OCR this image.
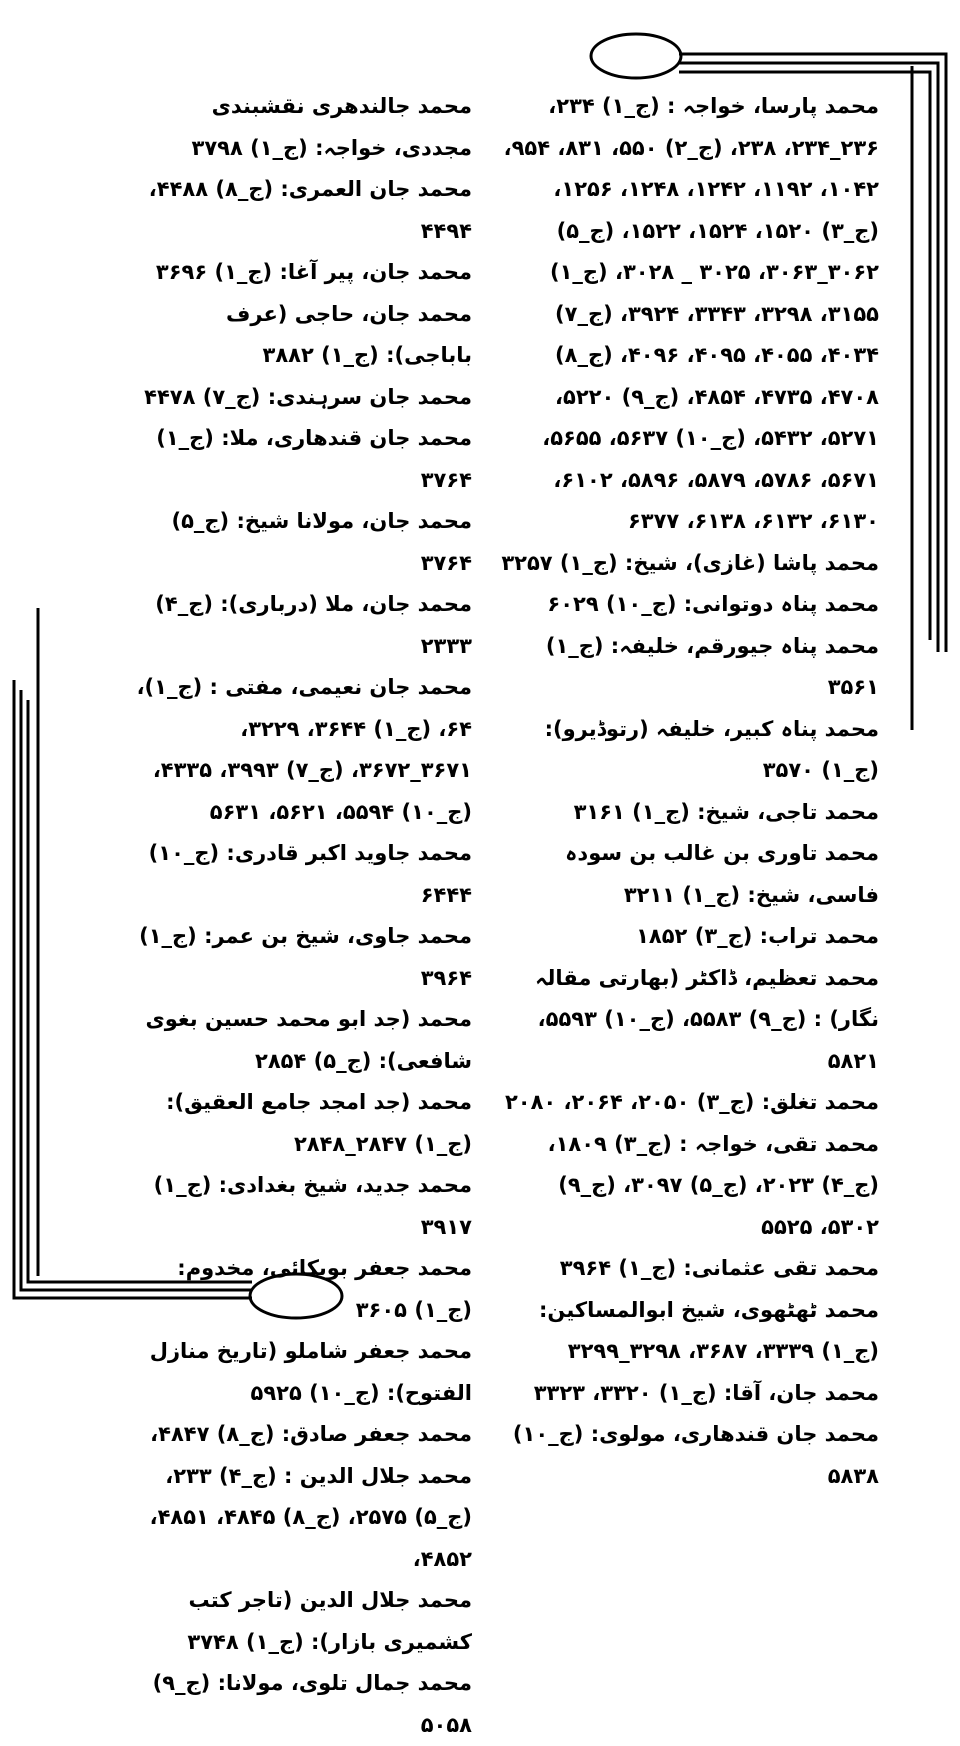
محمد پارسا، خواجہ : (ج_۱) ۲۳۴، ۲۳۶_۲۳۴، ۲۳۸، (ج_۲) ۵۵۰، ۸۳۱، ۹۵۴، ۱۰۴۲، ۱۱۹۲، ۱۲۴۲، ۱۲۴۸، ۱۲۵۶، (ج_۳) ۱۵۲۰، ۱۵۲۴، ۱۵۲۲، (ج_۵) ۳۰۶۲_۳۰۶۳، ۳۰۲۵ _ ۳۰۲۸، (ج_۱) ۳۱۵۵، ۳۲۹۸، ۳۳۴۳، ۳۹۲۴، (ج_۷) ۴۰۳۴، ۴۰۵۵، ۴۰۹۵، ۴۰۹۶، (ج_۸) ۴۷۰۸، ۴۷۳۵، ۴۸۵۴، (ج_۹) ۵۲۲۰، ۵۲۷۱، ۵۴۳۲، (ج_۱۰) ۵۶۳۷، ۵۶۵۵، ۵۶۷۱، ۵۷۸۶، ۵۸۷۹، ۵۸۹۶، ۶۱۰۲، ۶۱۳۰، ۶۱۳۲، ۶۱۳۸، ۶۳۷۷
محمد پاشا (غازی)، شیخ: (ج_۱) ۳۲۵۷
محمد پناہ دوتوانی: (ج_۱۰) ۶۰۲۹
محمد پناہ جیورقم، خلیفہ: (ج_۱) ۳۵۶۱
محمد پناہ کبیر، خلیفہ (رتوڈیرو): (ج_۱) ۳۵۷۰
محمد تاجی، شیخ: (ج_۱) ۳۱۶۱
محمد تاوری بن غالب بن سودہ فاسی، شیخ: (ج_۱) ۳۲۱۱
محمد تراب: (ج_۳) ۱۸۵۲
محمد تعظیم، ڈاکٹر (بھارتی مقالہ نگار) : (ج_۹) ۵۵۸۳، (ج_۱۰) ۵۵۹۳، ۵۸۲۱
محمد تغلق: (ج_۳) ۲۰۵۰، ۲۰۶۴، ۲۰۸۰
محمد تقی، خواجہ : (ج_۳) ۱۸۰۹، (ج_۴) ۲۰۲۳، (ج_۵) ۳۰۹۷، (ج_۹) ۵۳۰۲، ۵۵۲۵
محمد تقی عثمانی: (ج_۱) ۳۹۶۴
محمد ٹھٹھوی، شیخ ابوالمساکین: (ج_۱) ۳۳۳۹، ۳۶۸۷، ۳۲۹۸_۳۲۹۹
محمد جان، آقا: (ج_۱) ۳۳۲۰، ۳۳۲۳
محمد جان قندھاری، مولوی: (ج_۱۰) ۵۸۳۸
محمد جالندھری نقشبندی مجددی، خواجہ: (ج_۱) ۳۷۹۸
محمد جان العمری: (ج_۸) ۴۴۸۸، ۴۴۹۴
محمد جان، پیر آغا: (ج_۱) ۳۶۹۶
محمد جان، حاجی (عرف باباجی): (ج_۱) ۳۸۸۲
محمد جان سرہندی: (ج_۷) ۴۴۷۸
محمد جان قندھاری، ملا: (ج_۱) ۳۷۶۴
محمد جان، مولانا شیخ: (ج_۵) ۳۷۶۴
محمد جان، ملا (درباری): (ج_۴) ۲۳۳۳
محمد جان نعیمی، مفتی : (ج_۱)، ۶۴، (ج_۱) ۳۶۴۴، ۳۲۲۹، ۳۶۷۱_۳۶۷۲، (ج_۷) ۳۹۹۳، ۴۳۳۵، (ج_۱۰) ۵۵۹۴، ۵۶۲۱، ۵۶۳۱
محمد جاوید اکبر قادری: (ج_۱۰) ۶۴۴۴
محمد جاوی، شیخ بن عمر: (ج_۱) ۳۹۶۴
محمد (جد ابو محمد حسین بغوی شافعی): (ج_۵) ۲۸۵۴
محمد (جد امجد جامع العقیق): (ج_۱) ۲۸۴۷_۲۸۴۸
محمد جدید، شیخ بغدادی: (ج_۱) ۳۹۱۷
محمد جعفر بوبکائی، مخدوم: (ج_۱) ۳۶۰۵
محمد جعفر شاملو (تاریخ منازل الفتوح): (ج_۱۰) ۵۹۲۵
محمد جعفر صادق: (ج_۸) ۴۸۴۷،
محمد جلال الدین : (ج_۴) ۲۳۳، (ج_۵) ۲۵۷۵، (ج_۸) ۴۸۴۵، ۴۸۵۱، ۴۸۵۲،
محمد جلال الدین (تاجر کتب کشمیری بازار): (ج_۱) ۳۷۴۸
محمد جمال تلوی، مولانا: (ج_۹) ۵۰۵۸
